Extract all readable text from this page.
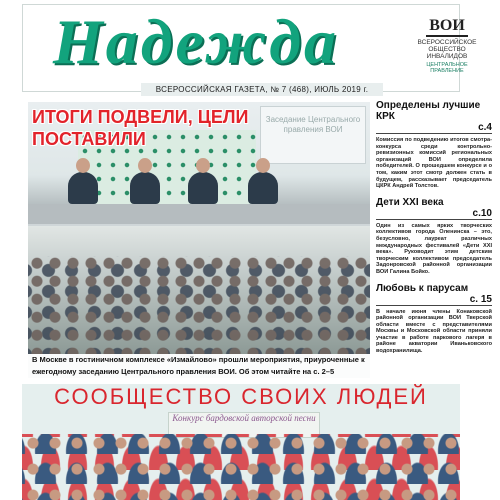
Надежда	ВОИ
ВСЕРОССИЙСКОЕ ОБЩЕСТВО ИНВАЛИДОВ
ЦЕНТРАЛЬНОЕ ПРАВЛЕНИЕ
ВСЕРОССИЙСКАЯ ГАЗЕТА, № 7 (468), ИЮЛЬ 2019 г.
Заседание Центрального правления ВОИ
ИТОГИ ПОДВЕЛИ, ЦЕЛИ ПОСТАВИЛИ
В Москве в гостиничном комплексе «Измайлово» прошли мероприятия, приуроченные к ежегодному заседанию Центрального правления ВОИ. Об этом читайте на с. 2–5
Определены лучшие КРК
с.4
Комиссия по подведению итогов смотра-конкурса среди контрольно-ревизионных комиссий региональных организаций ВОИ определила победителей. О прошедшем конкурсе и о том, каким этот смотр должен стать в будущем, рассказывает председатель ЦКРК Андрей Толстов.
Дети XXI века
с.10
Один из самых ярких творческих коллективов города Оленинска – это, безусловно, лауреат различных международных фестивалей «Дети XXI века». Руководит этим детским творческим коллективом председатель Задонровской районной организации ВОИ Галина Бойко.
Любовь к парусам
с. 15
В начале июня члены Конаковской районной организации ВОИ Тверской области вместе с представителями Москвы и Московской области приняли участие в работе паркового лагеря в районе акватории Иваньковского водохранилища.
СООБЩЕСТВО СВОИХ ЛЮДЕЙ
Конкурс бардовской авторской песни
